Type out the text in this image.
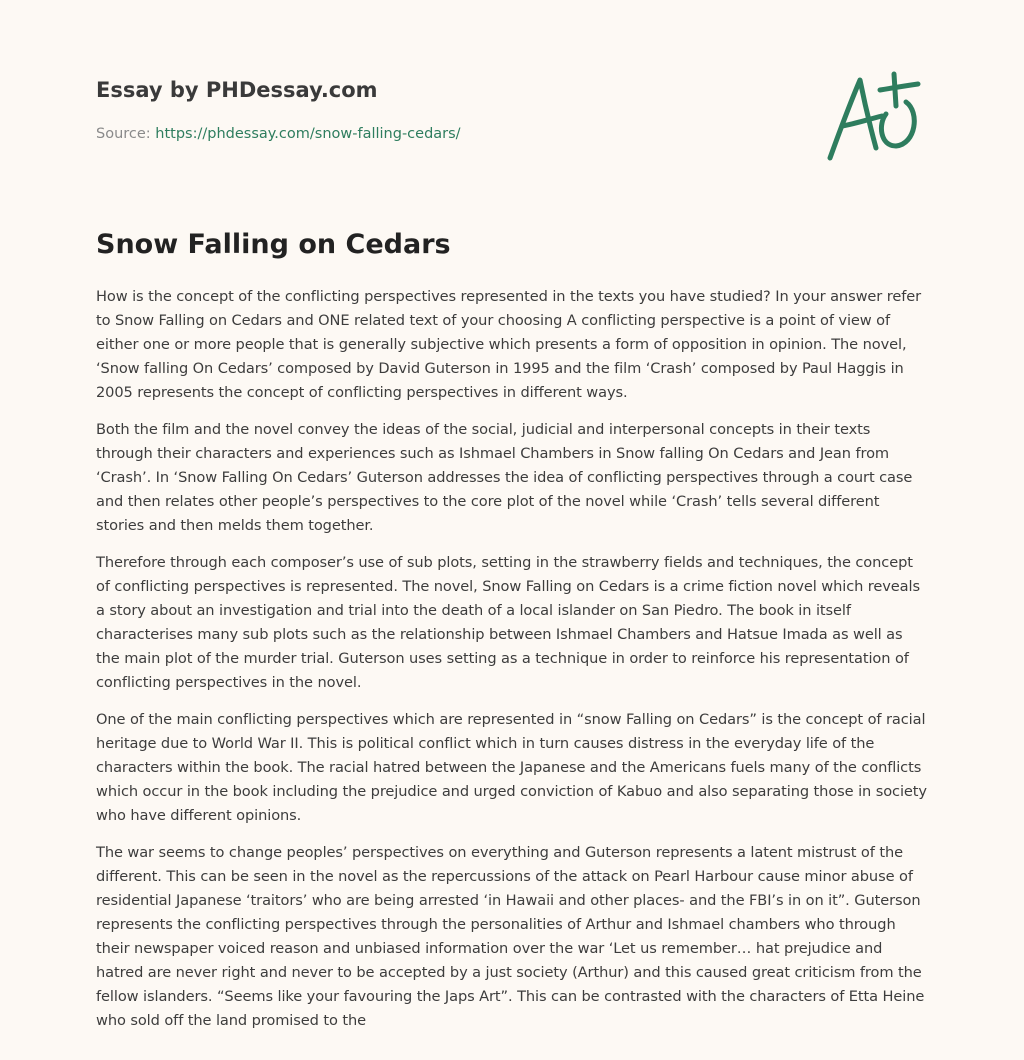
Essay by PHDessay.com
Source: https://phdessay.com/snow-falling-cedars/
Snow Falling on Cedars

How is the concept of the conflicting perspectives represented in the texts you have studied? In your answer refer to Snow Falling on Cedars and ONE related text of your choosing A conflicting perspective is a point of view of either one or more people that is generally subjective which presents a form of opposition in opinion. The novel, ‘Snow falling On Cedars’ composed by David Guterson in 1995 and the film ‘Crash’ composed by Paul Haggis in 2005 represents the concept of conflicting perspectives in different ways.

Both the film and the novel convey the ideas of the social, judicial and interpersonal concepts in their texts through their characters and experiences such as Ishmael Chambers in Snow falling On Cedars and Jean from ‘Crash’. In ‘Snow Falling On Cedars’ Guterson addresses the idea of conflicting perspectives through a court case and then relates other people’s perspectives to the core plot of the novel while ‘Crash’ tells several different stories and then melds them together.

Therefore through each composer’s use of sub plots, setting in the strawberry fields and techniques, the concept of conflicting perspectives is represented. The novel, Snow Falling on Cedars is a crime fiction novel which reveals a story about an investigation and trial into the death of a local islander on San Piedro. The book in itself characterises many sub plots such as the relationship between Ishmael Chambers and Hatsue Imada as well as the main plot of the murder trial. Guterson uses setting as a technique in order to reinforce his representation of conflicting perspectives in the novel.

One of the main conflicting perspectives which are represented in “snow Falling on Cedars” is the concept of racial heritage due to World War II. This is political conflict which in turn causes distress in the everyday life of the characters within the book. The racial hatred between the Japanese and the Americans fuels many of the conflicts which occur in the book including the prejudice and urged conviction of Kabuo and also separating those in society who have different opinions.

The war seems to change peoples’ perspectives on everything and Guterson represents a latent mistrust of the different. This can be seen in the novel as the repercussions of the attack on Pearl Harbour cause minor abuse of residential Japanese ‘traitors’ who are being arrested ‘in Hawaii and other places- and the FBI’s in on it”. Guterson represents the conflicting perspectives through the personalities of Arthur and Ishmael chambers who through their newspaper voiced reason and unbiased information over the war ‘Let us remember… hat prejudice and hatred are never right and never to be accepted by a just society (Arthur) and this caused great criticism from the fellow islanders. “Seems like your favouring the Japs Art”. This can be contrasted with the characters of Etta Heine who sold off the land promised to the
